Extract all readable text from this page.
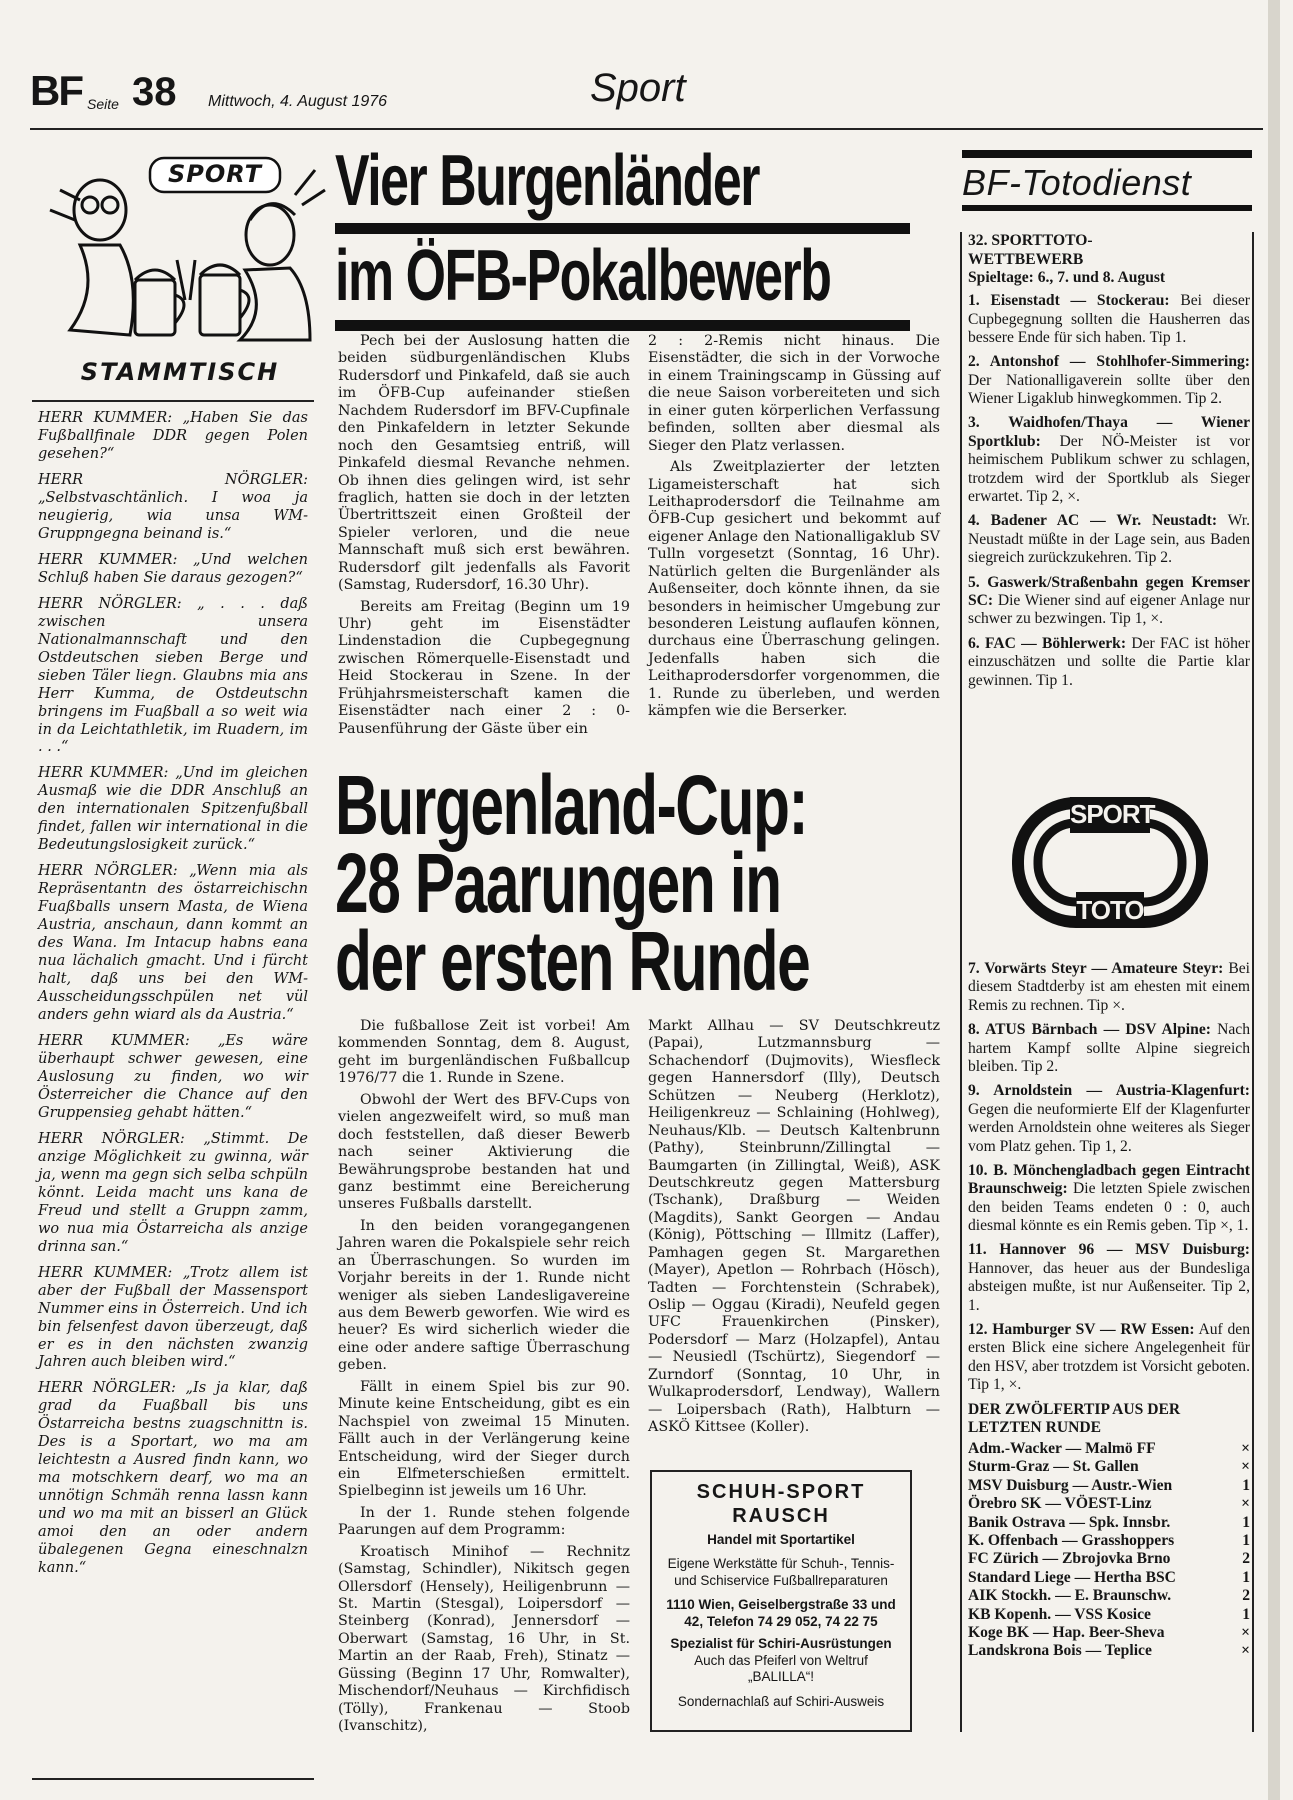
BF Seite 38 Mittwoch, 4. August 1976	Sport
SPORT
STAMMTISCH

HERR KUMMER: „Haben Sie das Fußballfinale DDR gegen Polen gesehen?“

HERR NÖRGLER: „Selbstvaschtänlich. I woa ja neugierig, wia unsa WM-Gruppngegna beinand is.“

HERR KUMMER: „Und welchen Schluß haben Sie daraus gezogen?“

HERR NÖRGLER: „ . . . daß zwischen unsera Nationalmannschaft und den Ostdeutschen sieben Berge und sieben Täler liegn. Glaubns mia ans Herr Kumma, de Ostdeutschn bringens im Fuaßball a so weit wia in da Leichtathletik, im Ruadern, im . . .“

HERR KUMMER: „Und im gleichen Ausmaß wie die DDR Anschluß an den internationalen Spitzenfußball findet, fallen wir international in die Bedeutungslosigkeit zurück.“

HERR NÖRGLER: „Wenn mia als Repräsentantn des östarreichischn Fuaßballs unsern Masta, de Wiena Austria, anschaun, dann kommt an des Wana. Im Intacup habns eana nua lächalich gmacht. Und i fürcht halt, daß uns bei den WM-Ausscheidungsschpülen net vül anders gehn wiard als da Austria.“

HERR KUMMER: „Es wäre überhaupt schwer gewesen, eine Auslosung zu finden, wo wir Österreicher die Chance auf den Gruppensieg gehabt hätten.“

HERR NÖRGLER: „Stimmt. De anzige Möglichkeit zu gwinna, wär ja, wenn ma gegn sich selba schpüln könnt. Leida macht uns kana de Freud und stellt a Gruppn zamm, wo nua mia Östarreicha als anzige drinna san.“

HERR KUMMER: „Trotz allem ist aber der Fußball der Massensport Nummer eins in Österreich. Und ich bin felsenfest davon überzeugt, daß er es in den nächsten zwanzig Jahren auch bleiben wird.“

HERR NÖRGLER: „Is ja klar, daß grad da Fuaßball bis uns Östarreicha bestns zuagschnittn is. Des is a Sportart, wo ma am leichtestn a Ausred findn kann, wo ma motschkern dearf, wo ma an unnötign Schmäh renna lassn kann und wo ma mit an bisserl an Glück amoi den an oder andern übalegenen Gegna eineschnalzn kann.“

Vier Burgenländer
im ÖFB-Pokalbewerb

Pech bei der Auslosung hatten die beiden südburgenländischen Klubs Rudersdorf und Pinkafeld, daß sie auch im ÖFB-Cup aufeinander stießen Nachdem Rudersdorf im BFV-Cupfinale den Pinkafeldern in letzter Sekunde noch den Gesamtsieg entriß, will Pinkafeld diesmal Revanche nehmen. Ob ihnen dies gelingen wird, ist sehr fraglich, hatten sie doch in der letzten Übertrittszeit einen Großteil der Spieler verloren, und die neue Mannschaft muß sich erst bewähren. Rudersdorf gilt jedenfalls als Favorit (Samstag, Rudersdorf, 16.30 Uhr).

Bereits am Freitag (Beginn um 19 Uhr) geht im Eisenstädter Lindenstadion die Cupbegegnung zwischen Römerquelle-Eisenstadt und Heid Stockerau in Szene. In der Frühjahrsmeisterschaft kamen die Eisenstädter nach einer 2 : 0-Pausenführung der Gäste über ein

2 : 2-Remis nicht hinaus. Die Eisenstädter, die sich in der Vorwoche in einem Trainingscamp in Güssing auf die neue Saison vorbereiteten und sich in einer guten körperlichen Verfassung befinden, sollten aber diesmal als Sieger den Platz verlassen.

Als Zweitplazierter der letzten Ligameisterschaft hat sich Leithaprodersdorf die Teilnahme am ÖFB-Cup gesichert und bekommt auf eigener Anlage den Nationalligaklub SV Tulln vorgesetzt (Sonntag, 16 Uhr). Natürlich gelten die Burgenländer als Außenseiter, doch könnte ihnen, da sie besonders in heimischer Umgebung zur besonderen Leistung auflaufen können, durchaus eine Überraschung gelingen. Jedenfalls haben sich die Leithaprodersdorfer vorgenommen, die 1. Runde zu überleben, und werden kämpfen wie die Berserker.

Burgenland-Cup:
28 Paarungen in
der ersten Runde

Die fußballose Zeit ist vorbei! Am kommenden Sonntag, dem 8. August, geht im burgenländischen Fußballcup 1976/77 die 1. Runde in Szene.

Obwohl der Wert des BFV-Cups von vielen angezweifelt wird, so muß man doch feststellen, daß dieser Bewerb nach seiner Aktivierung die Bewährungsprobe bestanden hat und ganz bestimmt eine Bereicherung unseres Fußballs darstellt.

In den beiden vorangegangenen Jahren waren die Pokalspiele sehr reich an Überraschungen. So wurden im Vorjahr bereits in der 1. Runde nicht weniger als sieben Landesligavereine aus dem Bewerb geworfen. Wie wird es heuer? Es wird sicherlich wieder die eine oder andere saftige Überraschung geben.

Fällt in einem Spiel bis zur 90. Minute keine Entscheidung, gibt es ein Nachspiel von zweimal 15 Minuten. Fällt auch in der Verlängerung keine Entscheidung, wird der Sieger durch ein Elfmeterschießen ermittelt. Spielbeginn ist jeweils um 16 Uhr.

In der 1. Runde stehen folgende Paarungen auf dem Programm:

Kroatisch Minihof — Rechnitz (Samstag, Schindler), Nikitsch gegen Ollersdorf (Hensely), Heiligenbrunn — St. Martin (Stesgal), Loipersdorf — Steinberg (Konrad), Jennersdorf — Oberwart (Samstag, 16 Uhr, in St. Martin an der Raab, Freh), Stinatz — Güssing (Beginn 17 Uhr, Romwalter), Mischendorf/Neuhaus — Kirchfidisch (Tölly), Frankenau — Stoob (Ivanschitz),

Markt Allhau — SV Deutschkreutz (Papai), Lutzmannsburg — Schachendorf (Dujmovits), Wiesfleck gegen Hannersdorf (Illy), Deutsch Schützen — Neuberg (Herklotz), Heiligenkreuz — Schlaining (Hohlweg), Neuhaus/Klb. — Deutsch Kaltenbrunn (Pathy), Steinbrunn/Zillingtal — Baumgarten (in Zillingtal, Weiß), ASK Deutschkreutz gegen Mattersburg (Tschank), Draßburg — Weiden (Magdits), Sankt Georgen — Andau (König), Pöttsching — Illmitz (Laffer), Pamhagen gegen St. Margarethen (Mayer), Apetlon — Rohrbach (Hösch), Tadten — Forchtenstein (Schrabek), Oslip — Oggau (Kiradi), Neufeld gegen UFC Frauenkirchen (Pinsker), Podersdorf — Marz (Holzapfel), Antau — Neusiedl (Tschürtz), Siegendorf — Zurndorf (Sonntag, 10 Uhr, in Wulkaprodersdorf, Lendway), Wallern — Loipersbach (Rath), Halbturn — ASKÖ Kittsee (Koller).

SCHUH-SPORT
RAUSCH
Handel mit Sportartikel
Eigene Werkstätte für Schuh-, Tennis- und Schiservice Fußballreparaturen
1110 Wien, Geiselbergstraße 33 und 42, Telefon 74 29 052, 74 22 75
Spezialist für Schiri-Ausrüstungen
Auch das Pfeiferl von Weltruf „BALILLA“!
Sondernachlaß auf Schiri-Ausweis
BF-Totodienst
32. SPORTTOTO-
WETTBEWERB
Spieltage: 6., 7. und 8. August

1. Eisenstadt — Stockerau: Bei dieser Cupbegegnung sollten die Hausherren das bessere Ende für sich haben. Tip 1.

2. Antonshof — Stohlhofer-Simmering: Der Nationalligaverein sollte über den Wiener Ligaklub hinwegkommen. Tip 2.

3. Waidhofen/Thaya — Wiener Sportklub: Der NÖ-Meister ist vor heimischem Publikum schwer zu schlagen, trotzdem wird der Sportklub als Sieger erwartet. Tip 2, ×.

4. Badener AC — Wr. Neustadt: Wr. Neustadt müßte in der Lage sein, aus Baden siegreich zurückzukehren. Tip 2.

5. Gaswerk/Straßenbahn gegen Kremser SC: Die Wiener sind auf eigener Anlage nur schwer zu bezwingen. Tip 1, ×.

6. FAC — Böhlerwerk: Der FAC ist höher einzuschätzen und sollte die Partie klar gewinnen. Tip 1.

SPORT
TOTO

7. Vorwärts Steyr — Amateure Steyr: Bei diesem Stadtderby ist am ehesten mit einem Remis zu rechnen. Tip ×.

8. ATUS Bärnbach — DSV Alpine: Nach hartem Kampf sollte Alpine siegreich bleiben. Tip 2.

9. Arnoldstein — Austria-Klagenfurt: Gegen die neuformierte Elf der Klagenfurter werden Arnoldstein ohne weiteres als Sieger vom Platz gehen. Tip 1, 2.

10. B. Mönchengladbach gegen Eintracht Braunschweig: Die letzten Spiele zwischen den beiden Teams endeten 0 : 0, auch diesmal könnte es ein Remis geben. Tip ×, 1.

11. Hannover 96 — MSV Duisburg: Hannover, das heuer aus der Bundesliga absteigen mußte, ist nur Außenseiter. Tip 2, 1.

12. Hamburger SV — RW Essen: Auf den ersten Blick eine sichere Angelegenheit für den HSV, aber trotzdem ist Vorsicht geboten. Tip 1, ×.

DER ZWÖLFERTIP AUS DER LETZTEN RUNDE
Adm.-Wacker — Malmö FF	×
Sturm-Graz — St. Gallen	×
MSV Duisburg — Austr.-Wien	1
Örebro SK — VÖEST-Linz	×
Banik Ostrava — Spk. Innsbr.	1
K. Offenbach — Grasshoppers	1
FC Zürich — Zbrojovka Brno	2
Standard Liege — Hertha BSC	1
AIK Stockh. — E. Braunschw.	2
KB Kopenh. — VSS Kosice	1
Koge BK — Hap. Beer-Sheva	×
Landskrona Bois — Teplice	×
